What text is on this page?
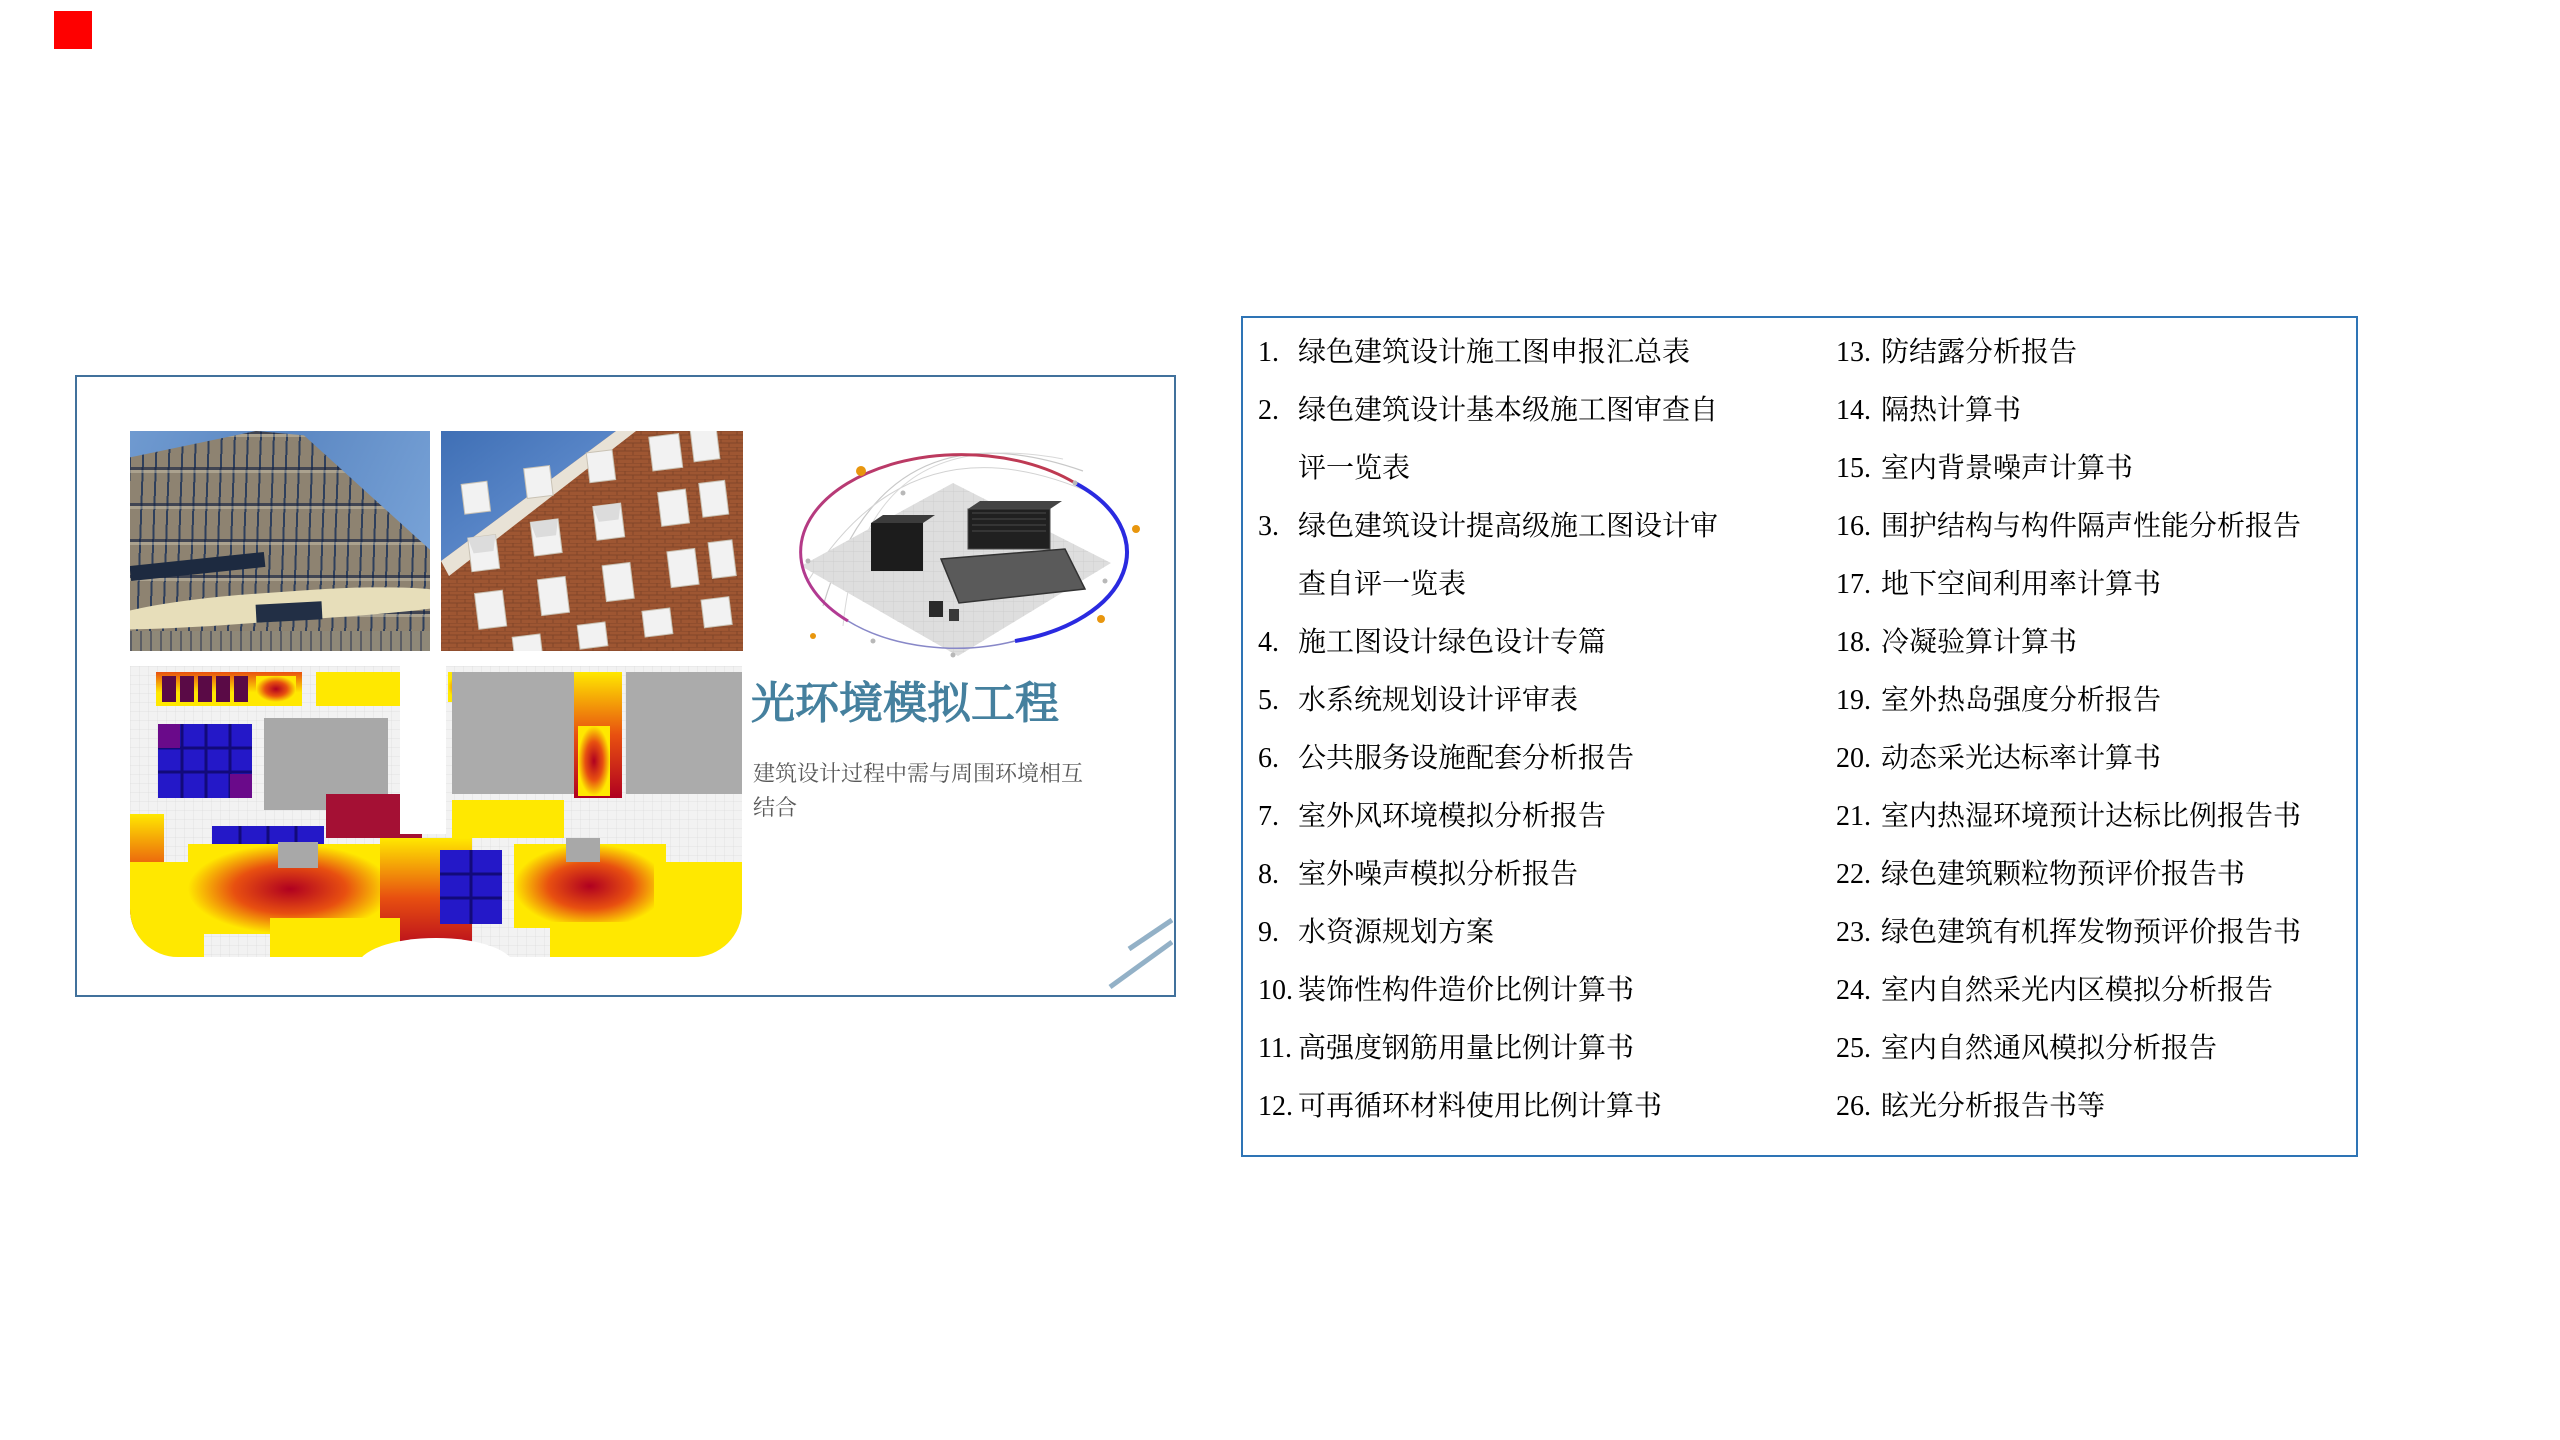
光环境模拟工程
建筑设计过程中需与周围环境相互结合
1. 绿色建筑设计施工图申报汇总表
2. 绿色建筑设计基本级施工图审查自
评一览表
3. 绿色建筑设计提高级施工图设计审
查自评一览表
4. 施工图设计绿色设计专篇
5. 水系统规划设计评审表
6. 公共服务设施配套分析报告
7. 室外风环境模拟分析报告
8. 室外噪声模拟分析报告
9. 水资源规划方案
10. 装饰性构件造价比例计算书
11. 高强度钢筋用量比例计算书
12. 可再循环材料使用比例计算书
13. 防结露分析报告
14. 隔热计算书
15. 室内背景噪声计算书
16. 围护结构与构件隔声性能分析报告
17. 地下空间利用率计算书
18. 冷凝验算计算书
19. 室外热岛强度分析报告
20. 动态采光达标率计算书
21. 室内热湿环境预计达标比例报告书
22. 绿色建筑颗粒物预评价报告书
23. 绿色建筑有机挥发物预评价报告书
24. 室内自然采光内区模拟分析报告
25. 室内自然通风模拟分析报告
26. 眩光分析报告书等
